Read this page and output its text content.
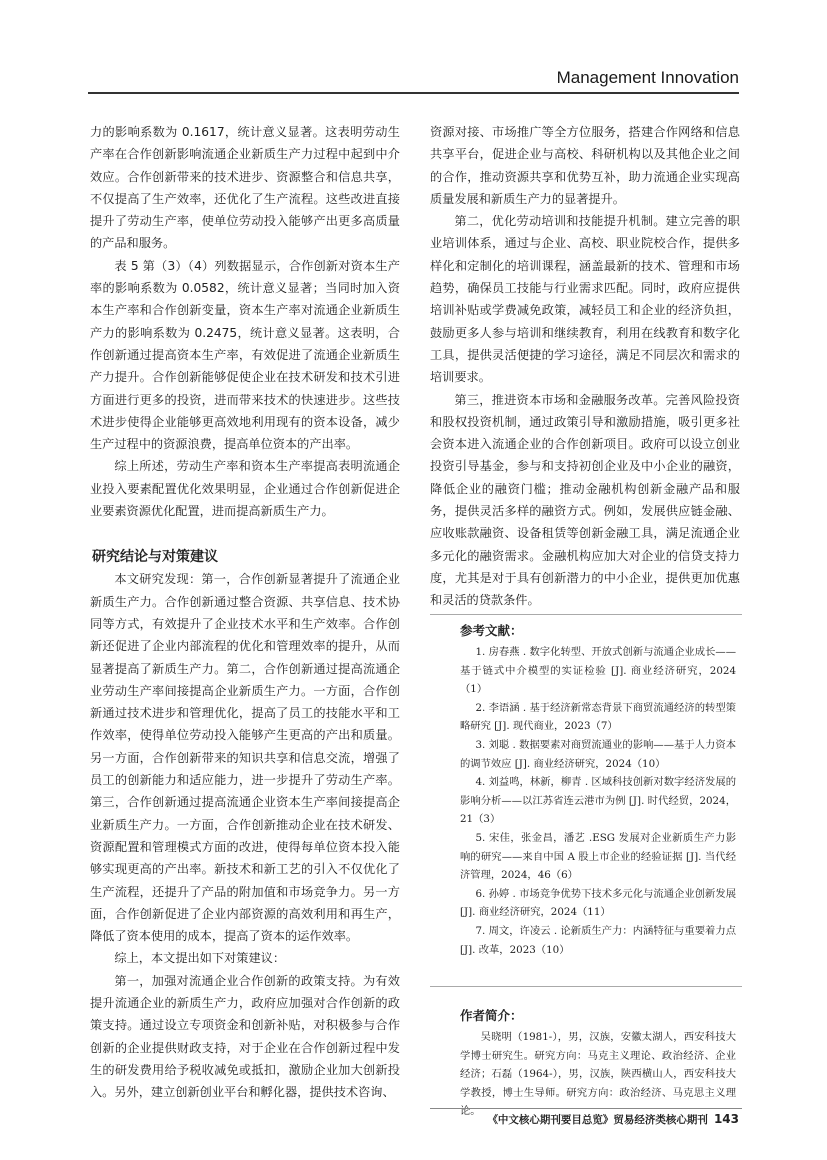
Management Innovation

力的影响系数为 0.1617，统计意义显著。这表明劳动生产率在合作创新影响流通企业新质生产力过程中起到中介效应。合作创新带来的技术进步、资源整合和信息共享，不仅提高了生产效率，还优化了生产流程。这些改进直接提升了劳动生产率，使单位劳动投入能够产出更多高质量的产品和服务。

表 5 第（3）（4）列数据显示，合作创新对资本生产率的影响系数为 0.0582，统计意义显著；当同时加入资本生产率和合作创新变量，资本生产率对流通企业新质生产力的影响系数为 0.2475，统计意义显著。这表明，合作创新通过提高资本生产率，有效促进了流通企业新质生产力提升。合作创新能够促使企业在技术研发和技术引进方面进行更多的投资，进而带来技术的快速进步。这些技术进步使得企业能够更高效地利用现有的资本设备，减少生产过程中的资源浪费，提高单位资本的产出率。

综上所述，劳动生产率和资本生产率提高表明流通企业投入要素配置优化效果明显，企业通过合作创新促进企业要素资源优化配置，进而提高新质生产力。

研究结论与对策建议

本文研究发现：第一，合作创新显著提升了流通企业新质生产力。合作创新通过整合资源、共享信息、技术协同等方式，有效提升了企业技术水平和生产效率。合作创新还促进了企业内部流程的优化和管理效率的提升，从而显著提高了新质生产力。第二，合作创新通过提高流通企业劳动生产率间接提高企业新质生产力。一方面，合作创新通过技术进步和管理优化，提高了员工的技能水平和工作效率，使得单位劳动投入能够产生更高的产出和质量。另一方面，合作创新带来的知识共享和信息交流，增强了员工的创新能力和适应能力，进一步提升了劳动生产率。第三，合作创新通过提高流通企业资本生产率间接提高企业新质生产力。一方面，合作创新推动企业在技术研发、资源配置和管理模式方面的改进，使得每单位资本投入能够实现更高的产出率。新技术和新工艺的引入不仅优化了生产流程，还提升了产品的附加值和市场竞争力。另一方面，合作创新促进了企业内部资源的高效利用和再生产，降低了资本使用的成本，提高了资本的运作效率。

综上，本文提出如下对策建议：

第一，加强对流通企业合作创新的政策支持。为有效提升流通企业的新质生产力，政府应加强对合作创新的政策支持。通过设立专项资金和创新补贴，对积极参与合作创新的企业提供财政支持，对于企业在合作创新过程中发生的研发费用给予税收减免或抵扣，激励企业加大创新投入。另外，建立创新创业平台和孵化器，提供技术咨询、

资源对接、市场推广等全方位服务，搭建合作网络和信息共享平台，促进企业与高校、科研机构以及其他企业之间的合作，推动资源共享和优势互补，助力流通企业实现高质量发展和新质生产力的显著提升。

第二，优化劳动培训和技能提升机制。建立完善的职业培训体系，通过与企业、高校、职业院校合作，提供多样化和定制化的培训课程，涵盖最新的技术、管理和市场趋势，确保员工技能与行业需求匹配。同时，政府应提供培训补贴或学费减免政策，减轻员工和企业的经济负担，鼓励更多人参与培训和继续教育，利用在线教育和数字化工具，提供灵活便捷的学习途径，满足不同层次和需求的培训要求。

第三，推进资本市场和金融服务改革。完善风险投资和股权投资机制，通过政策引导和激励措施，吸引更多社会资本进入流通企业的合作创新项目。政府可以设立创业投资引导基金，参与和支持初创企业及中小企业的融资，降低企业的融资门槛；推动金融机构创新金融产品和服务，提供灵活多样的融资方式。例如，发展供应链金融、应收账款融资、设备租赁等创新金融工具，满足流通企业多元化的融资需求。金融机构应加大对企业的信贷支持力度，尤其是对于具有创新潜力的中小企业，提供更加优惠和灵活的贷款条件。

参考文献：
1. 房春燕 . 数字化转型、开放式创新与流通企业成长——基于链式中介模型的实证检验 [J]. 商业经济研究，2024（1）
2. 李语涵 . 基于经济新常态背景下商贸流通经济的转型策略研究 [J]. 现代商业，2023（7）
3. 刘聪 . 数据要素对商贸流通业的影响——基于人力资本的调节效应 [J]. 商业经济研究，2024（10）
4. 刘益鸣，林新，柳青 . 区域科技创新对数字经济发展的影响分析——以江苏省连云港市为例 [J]. 时代经贸，2024，21（3）
5. 宋佳，张金昌，潘艺 .ESG 发展对企业新质生产力影响的研究——来自中国 A 股上市企业的经验证据 [J]. 当代经济管理，2024，46（6）
6. 孙婷 . 市场竞争优势下技术多元化与流通企业创新发展 [J]. 商业经济研究，2024（11）
7. 周文，许凌云 . 论新质生产力：内涵特征与重要着力点 [J]. 改革，2023（10）
作者简介：
吴晓明（1981-），男，汉族，安徽太湖人，西安科技大学博士研究生。研究方向：马克主义理论、政治经济、企业经济；石磊（1964-），男，汉族，陕西横山人，西安科技大学教授，博士生导师。研究方向：政治经济、马克思主义理论。
《中文核心期刊要目总览》贸易经济类核心期刊 143
